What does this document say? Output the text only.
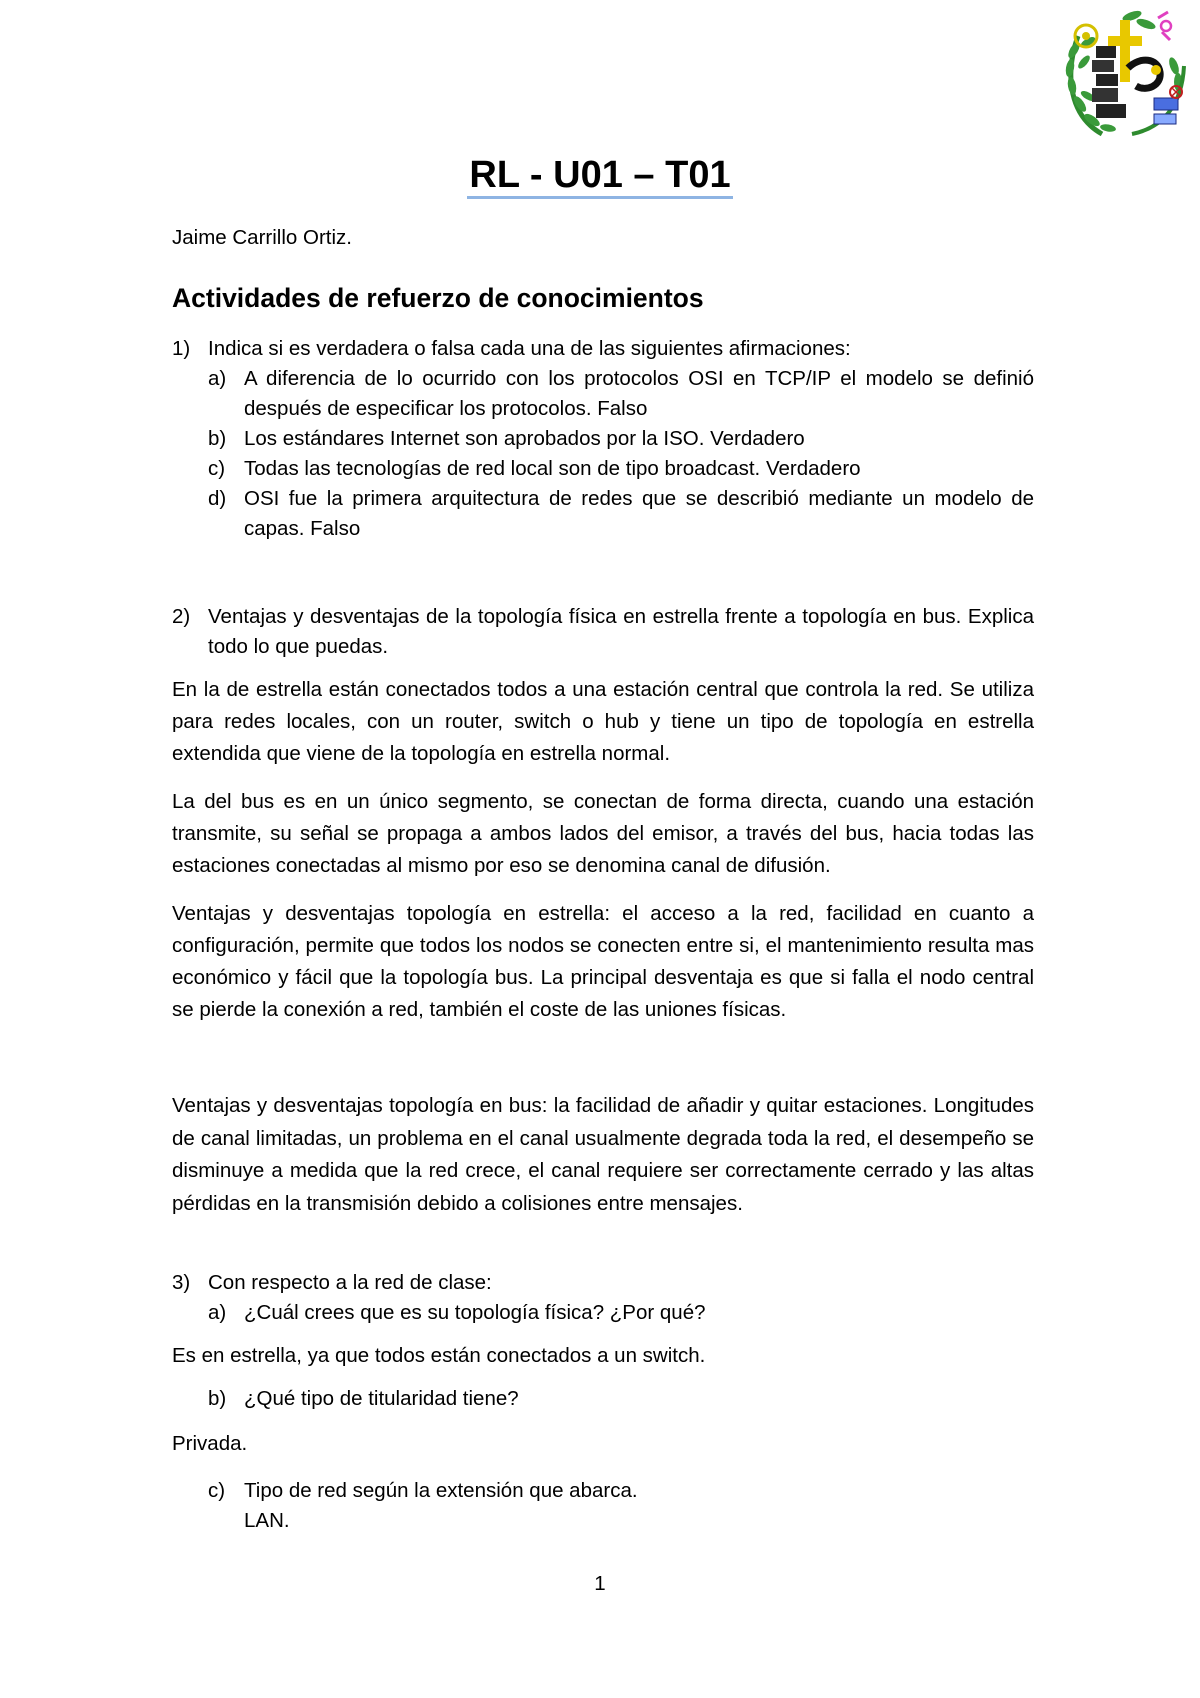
RL - U01 – T01
Jaime Carrillo Ortiz.
Actividades de refuerzo de conocimientos
1) Indica si es verdadera o falsa cada una de las siguientes afirmaciones:
a) A diferencia de lo ocurrido con los protocolos OSI en TCP/IP el modelo se definió después de especificar los protocolos. Falso
b) Los estándares Internet son aprobados por la ISO. Verdadero
c) Todas las tecnologías de red local son de tipo broadcast. Verdadero
d) OSI fue la primera arquitectura de redes que se describió mediante un modelo de capas. Falso
2) Ventajas y desventajas de la topología física en estrella frente a topología en bus. Explica todo lo que puedas.
En la de estrella están conectados todos a una estación central que controla la red. Se utiliza para redes locales, con un router, switch o hub y tiene un tipo de topología en estrella extendida que viene de la topología en estrella normal.
La del bus es en un único segmento, se conectan de forma directa, cuando una estación transmite, su señal se propaga a ambos lados del emisor, a través del bus, hacia todas las estaciones conectadas al mismo por eso se denomina canal de difusión.
Ventajas y desventajas topología en estrella: el acceso a la red, facilidad en cuanto a configuración, permite que todos los nodos se conecten entre si, el mantenimiento resulta mas económico y fácil que la topología bus. La principal desventaja es que si falla el nodo central se pierde la conexión a red, también el coste de las uniones físicas.
Ventajas y desventajas topología en bus: la facilidad de añadir y quitar estaciones. Longitudes de canal limitadas, un problema en el canal usualmente degrada toda la red, el desempeño se disminuye a medida que la red crece, el canal requiere ser correctamente cerrado y las altas pérdidas en la transmisión debido a colisiones entre mensajes.
3) Con respecto a la red de clase:
a) ¿Cuál crees que es su topología física? ¿Por qué?
Es en estrella, ya que todos están conectados a un switch.
b) ¿Qué tipo de titularidad tiene?
Privada.
c) Tipo de red según la extensión que abarca.
LAN.
1
